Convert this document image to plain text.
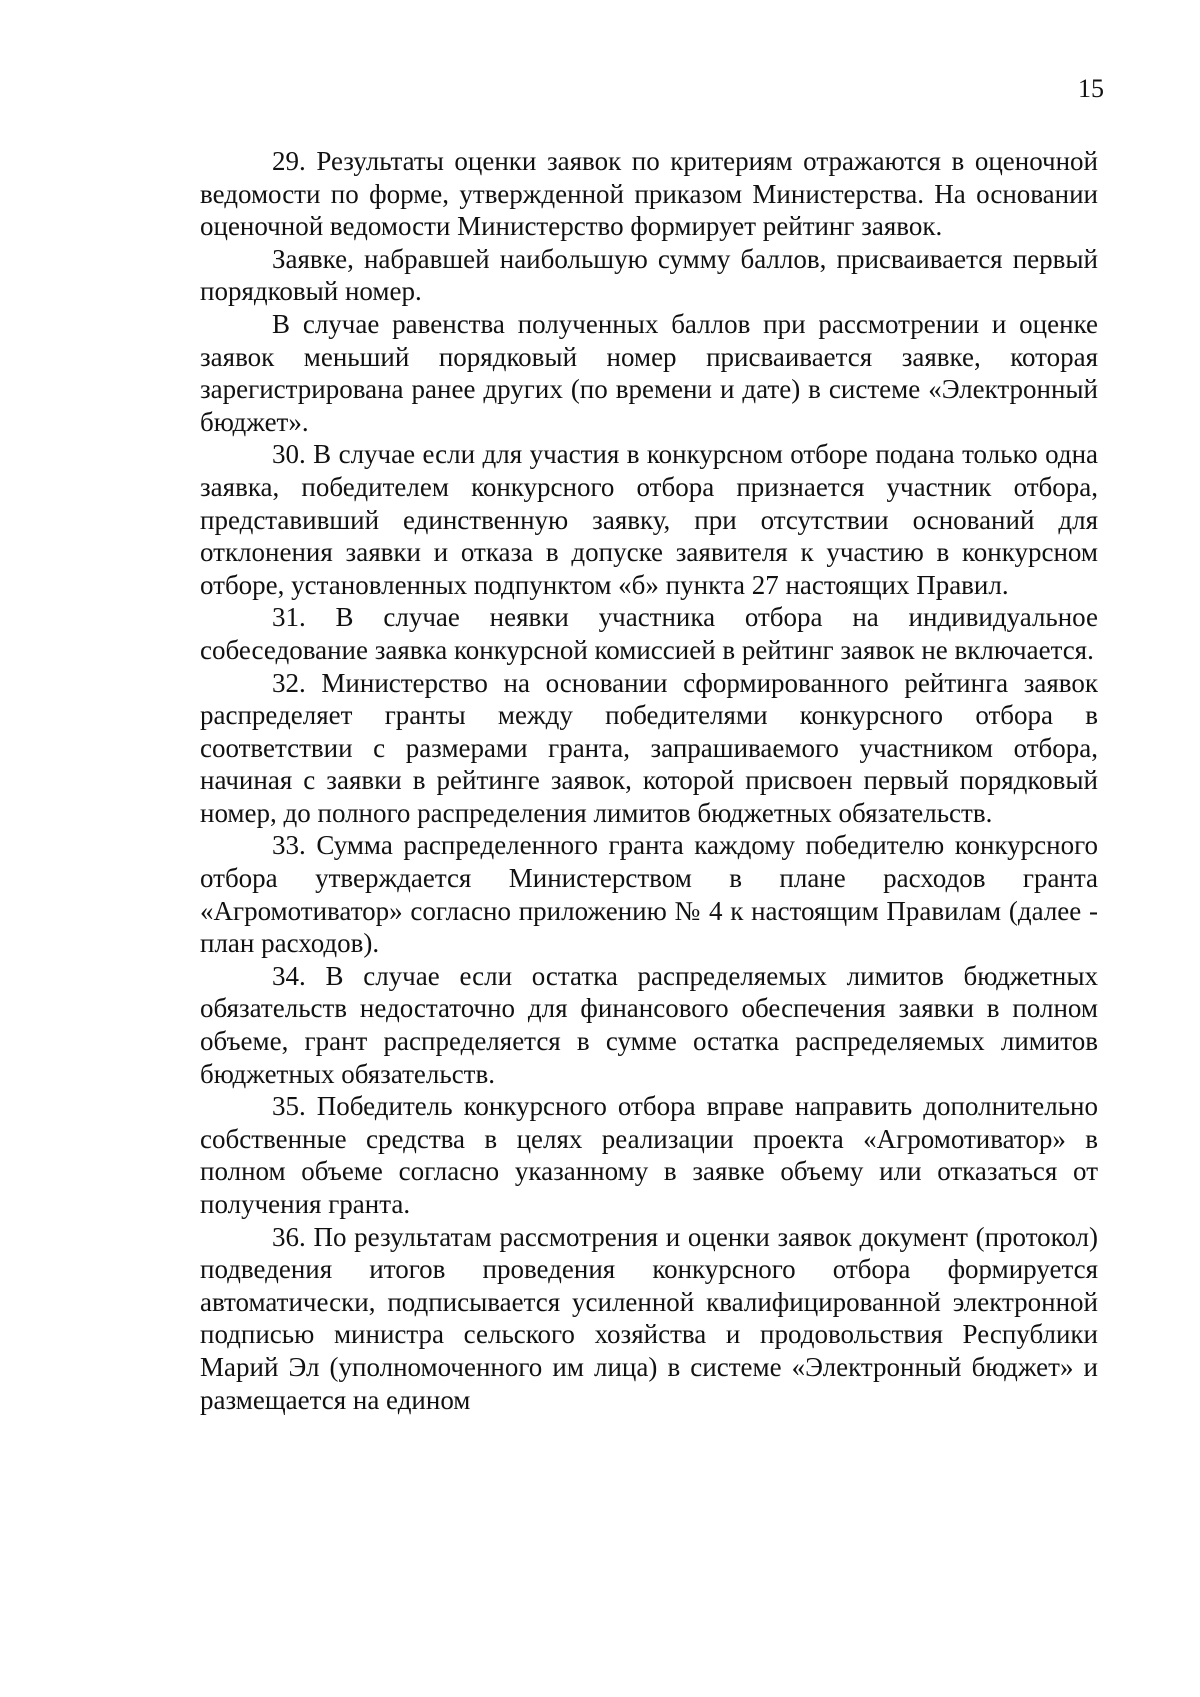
15

29. Результаты оценки заявок по критериям отражаются в оценочной ведомости по форме, утвержденной приказом Министерства. На основании оценочной ведомости Министерство формирует рейтинг заявок.

Заявке, набравшей наибольшую сумму баллов, присваивается первый порядковый номер.

В случае равенства полученных баллов при рассмотрении и оценке заявок меньший порядковый номер присваивается заявке, которая зарегистрирована ранее других (по времени и дате) в системе «Электронный бюджет».

30. В случае если для участия в конкурсном отборе подана только одна заявка, победителем конкурсного отбора признается участник отбора, представивший единственную заявку, при отсутствии оснований для отклонения заявки и отказа в допуске заявителя к участию в конкурсном отборе, установленных подпунктом «б» пункта 27 настоящих Правил.

31. В случае неявки участника отбора на индивидуальное собеседование заявка конкурсной комиссией в рейтинг заявок не включается.

32. Министерство на основании сформированного рейтинга заявок распределяет гранты между победителями конкурсного отбора в соответствии с размерами гранта, запрашиваемого участником отбора, начиная с заявки в рейтинге заявок, которой присвоен первый порядковый номер, до полного распределения лимитов бюджетных обязательств.

33. Сумма распределенного гранта каждому победителю конкурсного отбора утверждается Министерством в плане расходов гранта «Агромотиватор» согласно приложению № 4 к настоящим Правилам (далее - план расходов).

34. В случае если остатка распределяемых лимитов бюджетных обязательств недостаточно для финансового обеспечения заявки в полном объеме, грант распределяется в сумме остатка распределяемых лимитов бюджетных обязательств.

35. Победитель конкурсного отбора вправе направить дополнительно собственные средства в целях реализации проекта «Агромотиватор» в полном объеме согласно указанному в заявке объему или отказаться от получения гранта.

36. По результатам рассмотрения и оценки заявок документ (протокол) подведения итогов проведения конкурсного отбора формируется автоматически, подписывается усиленной квалифицированной электронной подписью министра сельского хозяйства и продовольствия Республики Марий Эл (уполномоченного им лица) в системе «Электронный бюджет» и размещается на едином
